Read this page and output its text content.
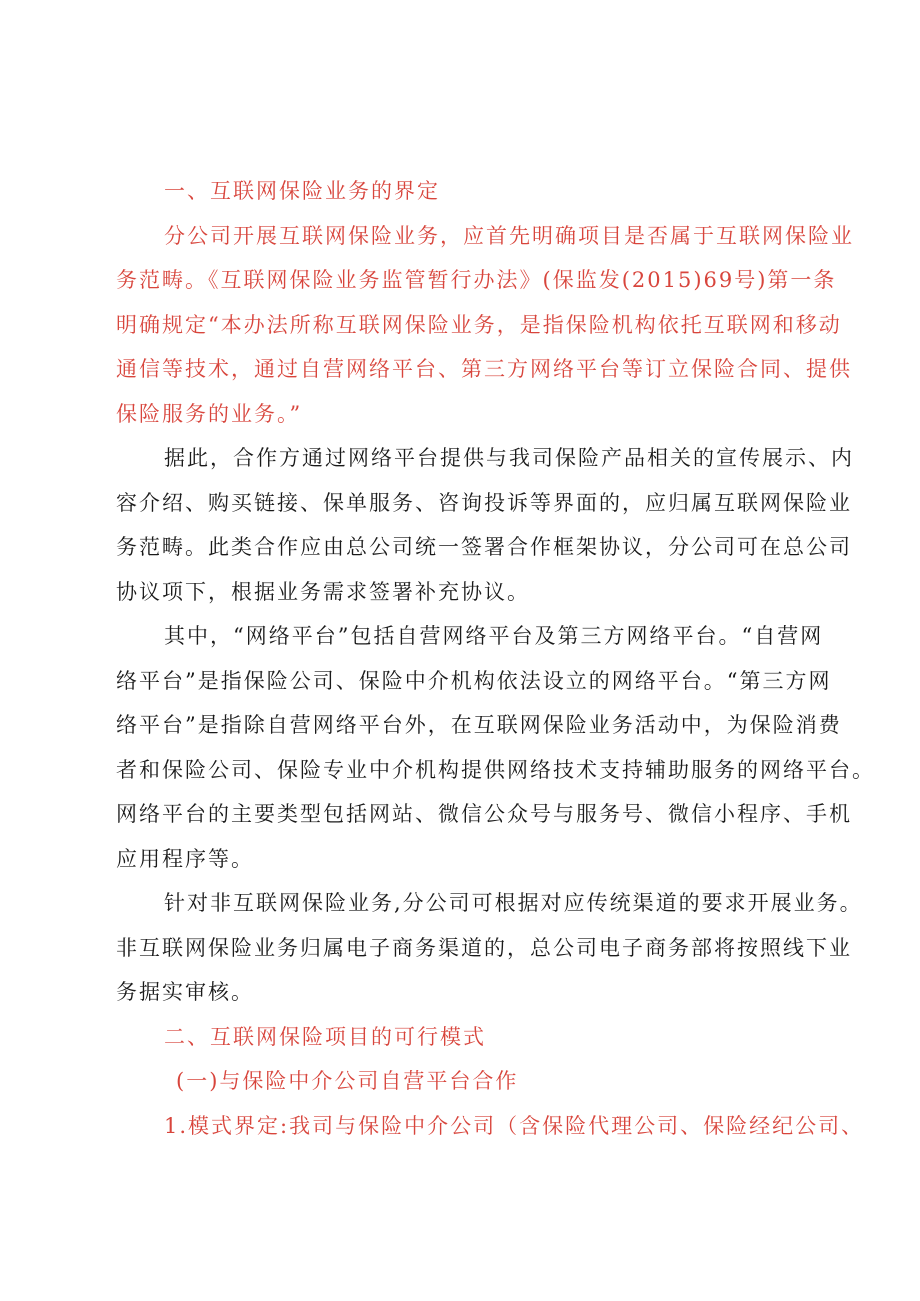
一、互联网保险业务的界定
分公司开展互联网保险业务，应首先明确项目是否属于互联网保险业
务范畴。《互联网保险业务监管暂行办法》(保监发(2015)69号)第一条
明确规定“本办法所称互联网保险业务，是指保险机构依托互联网和移动
通信等技术，通过自营网络平台、第三方网络平台等订立保险合同、提供
保险服务的业务。”
据此，合作方通过网络平台提供与我司保险产品相关的宣传展示、内
容介绍、购买链接、保单服务、咨询投诉等界面的，应归属互联网保险业
务范畴。此类合作应由总公司统一签署合作框架协议，分公司可在总公司
协议项下，根据业务需求签署补充协议。
其中，“网络平台”包括自营网络平台及第三方网络平台。“自营网
络平台”是指保险公司、保险中介机构依法设立的网络平台。“第三方网
络平台”是指除自营网络平台外，在互联网保险业务活动中，为保险消费
者和保险公司、保险专业中介机构提供网络技术支持辅助服务的网络平台。
网络平台的主要类型包括网站、微信公众号与服务号、微信小程序、手机
应用程序等。
针对非互联网保险业务,分公司可根据对应传统渠道的要求开展业务。
非互联网保险业务归属电子商务渠道的，总公司电子商务部将按照线下业
务据实审核。
二、互联网保险项目的可行模式
(一)与保险中介公司自营平台合作
1.模式界定:我司与保险中介公司（含保险代理公司、保险经纪公司、
